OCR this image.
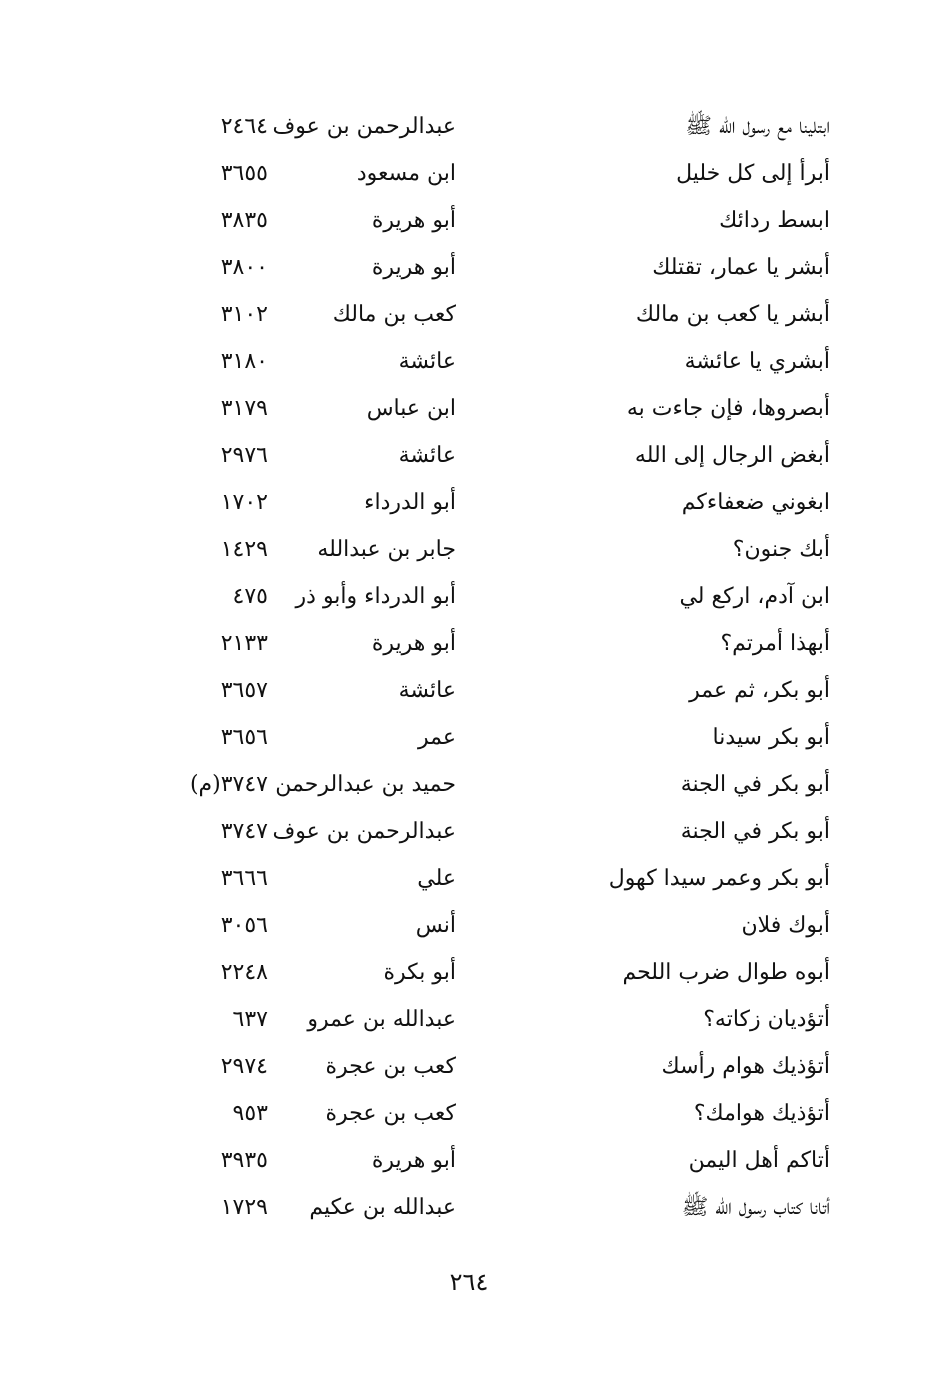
ابتلينا مع رسول الله ﷺ
عبدالرحمن بن عوف
٢٤٦٤
أبرأ إلى كل خليل
ابن مسعود
٣٦٥٥
ابسط ردائك
أبو هريرة
٣٨٣٥
أبشر يا عمار، تقتلك
أبو هريرة
٣٨٠٠
أبشر يا كعب بن مالك
كعب بن مالك
٣١٠٢
أبشري يا عائشة
عائشة
٣١٨٠
أبصروها، فإن جاءت به
ابن عباس
٣١٧٩
أبغض الرجال إلى الله
عائشة
٢٩٧٦
ابغوني ضعفاءكم
أبو الدرداء
١٧٠٢
أبك جنون؟
جابر بن عبدالله
١٤٢٩
ابن آدم، اركع لي
أبو الدرداء وأبو ذر
٤٧٥
أبهذا أمرتم؟
أبو هريرة
٢١٣٣
أبو بكر، ثم عمر
عائشة
٣٦٥٧
أبو بكر سيدنا
عمر
٣٦٥٦
أبو بكر في الجنة
حميد بن عبدالرحمن
٣٧٤٧(م)
أبو بكر في الجنة
عبدالرحمن بن عوف
٣٧٤٧
أبو بكر وعمر سيدا كهول
علي
٣٦٦٦
أبوك فلان
أنس
٣٠٥٦
أبوه طوال ضرب اللحم
أبو بكرة
٢٢٤٨
أتؤديان زكاته؟
عبدالله بن عمرو
٦٣٧
أتؤذيك هوام رأسك
كعب بن عجرة
٢٩٧٤
أتؤذيك هوامك؟
كعب بن عجرة
٩٥٣
أتاكم أهل اليمن
أبو هريرة
٣٩٣٥
أتانا كتاب رسول الله ﷺ
عبدالله بن عكيم
١٧٢٩
٢٦٤
